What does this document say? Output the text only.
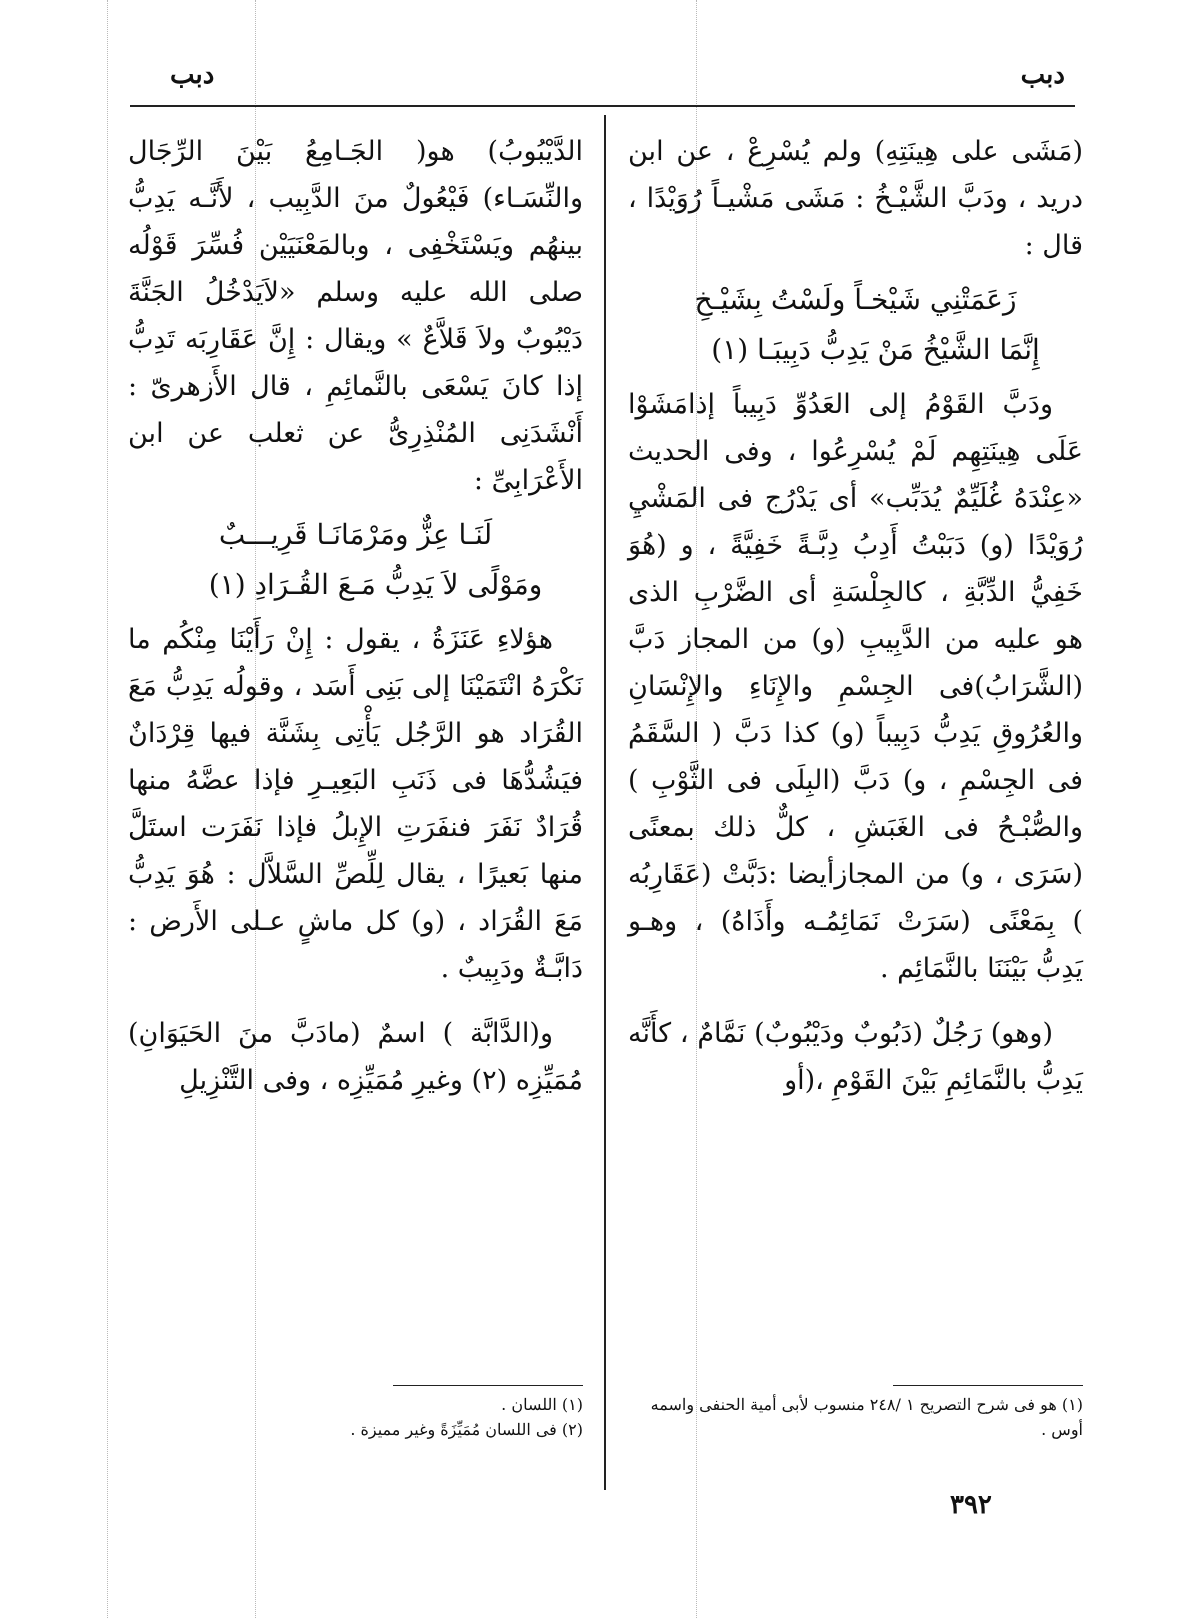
دبب	دبب

(مَشَى على هِينَتِهِ) ولم يُسْرِعْ ، عن ابن دريد ، ودَبَّ الشَّيْـخُ : مَشَى مَشْيـاً رُوَيْدًا ، قال :

زَعَمَتْنِي شَيْخـاً ولَسْتُ بِشَيْـخِ
إِنَّمَا الشَّيْخُ مَنْ يَدِبُّ دَبِيبَـا (١)

ودَبَّ القَوْمُ إلى العَدُوِّ دَبِيباً إذامَشَوْا عَلَى هِينَتِهِم لَمْ يُسْرِعُوا ، وفى الحديث «عِنْدَهُ غُلَيِّمٌ يُدَبِّب» أى يَدْرُج فى المَشْيِ رُوَيْدًا (و) دَبَبْتُ أَدِبُ دِبَّـةً خَفِيَّةً ، و (هُوَ خَفِيُّ الدِّبَّةِ ، كالجِلْسَةِ أى الضَّرْبِ الذى هو عليه من الدَّبِيبِ (و) من المجاز دَبَّ (الشَّرَابُ)فى الجِسْمِ والإِنَاءِ والإِنْسَانِ والعُرُوقِ يَدِبُّ دَبِيباً (و) كذا دَبَّ ( السَّقَمُ فى الجِسْمِ ، و) دَبَّ (البِلَى فى الثَّوْبِ ) والصُّبْـحُ فى الغَبَشِ ، كلٌّ ذلك بمعنًى (سَرَى ، و) من المجازأيضا :دَبَّتْ (عَقَارِبُه ) بِمَعْنًى (سَرَتْ نَمَائِمُـه وأَذَاهُ) ، وهـو يَدِبُّ بَيْنَنَا بالنَّمَائِم .

(وهو) رَجُلٌ (دَبُوبٌ ودَيْبُوبٌ) نَمَّامٌ ، كأَنَّه يَدِبُّ بالنَّمَائِمِ بَيْنَ القَوْمِ ،(أو

الدَّيْبُوبُ) هو( الجَـامِعُ بَيْنَ الرِّجَال والنِّسَـاء) فَيْعُولٌ منَ الدَّبِيب ، لأَنَّـه يَدِبُّ بينهُم ويَسْتَخْفِى ، وبالمَعْنَيَيْن فُسِّرَ قَوْلُه صلى الله عليه وسلم «لاَيَدْخُلُ الجَنَّةَ دَيْبُوبٌ ولاَ قَلاَّعٌ » ويقال : إِنَّ عَقَارِبَه تَدِبُّ إذا كانَ يَسْعَى بالنَّمائِمِ ، قال الأَزهرىّ : أَنْشَدَنِى المُنْذِرِىُّ عن ثعلب عن ابن الأَعْرَابِىِّ :

لَنَـا عِزٌّ ومَرْمَانَـا قَرِيـــبٌ
ومَوْلًى لاَ يَدِبُّ مَـعَ القُـرَادِ (١)

هؤلاءِ عَنَزَةُ ، يقول : إِنْ رَأَيْنَا مِنْكُم ما نَكْرَهُ انْتَمَيْنَا إلى بَنِى أَسَد ، وقولُه يَدِبُّ مَعَ القُرَاد هو الرَّجُل يَأْتِى بِشَنَّة فيها قِرْدَانٌ فيَشُدُّهَا فى ذَنَبِ البَعِيـرِ فإذا عضَّهُ منها قُرَادٌ نَفَرَ فنفَرَتِ الإِبلُ فإذا نَفَرَت استَلَّ منها بَعيرًا ، يقال لِلِّصِّ السَّلاَّل : هُوَ يَدِبُّ مَعَ القُرَاد ، (و) كل ماشٍ عـلى الأَرض : دَابَّـةٌ ودَبِيبٌ .

و(الدَّابَّة ) اسمٌ (مادَبَّ منَ الحَيَوَانِ) مُمَيِّزِه (٢) وغيرِ مُمَيِّزِه ، وفى التَّنْزِيلِ

(١) هو فى شرح التصريح ١ /٢٤٨ منسوب لأبى أمية الحنفى واسمه أوس .
(١) اللسان .
(٢) فى اللسان مُمَيِّزَةً وغير مميزة .
٣٩٢
